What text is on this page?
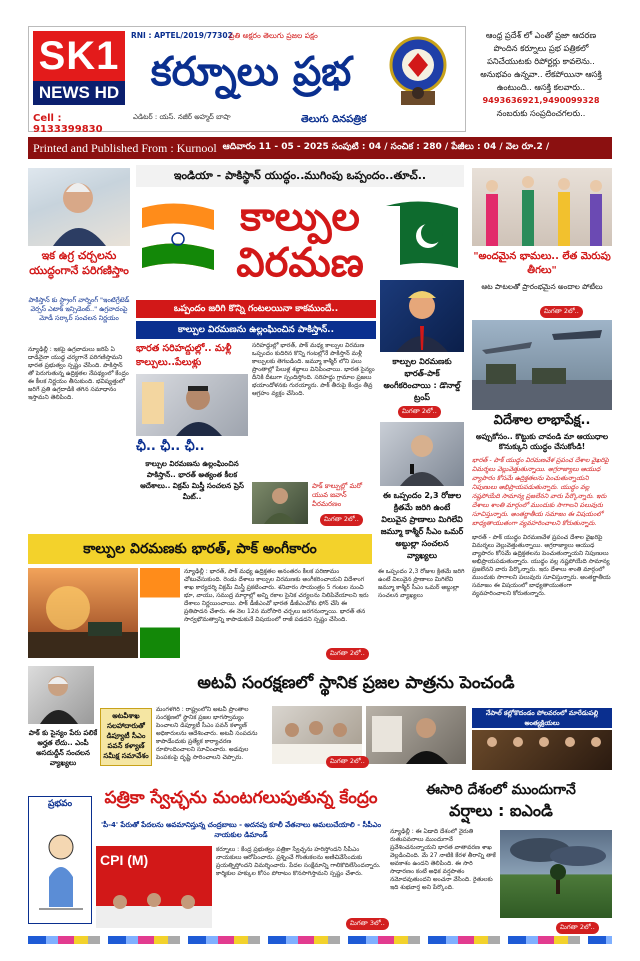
SK1
NEWS HD
Cell : 9133399830
RNI : APTEL/2019/77302
ప్రతి అక్షరం తెలుగు ప్రజల పక్షం
కర్నూలు ప్రభ
ఎడిటర్ : యస్. నజీర్ అహ్మద్ బాషా	తెలుగు దినపత్రిక
ఆంధ్ర ప్రదేశ్ లో ఎంతో ప్రజా ఆదరణ పొందిన కర్నూలు ప్రభ పత్రికలో పనిచేయుటకు రిపోర్టర్లు కావలెను.. అనుభవం ఉన్నవా.. లేకపోయినా ఆసక్తి ఉంటుంది.. ఆసక్తి కలవారు..
9493636921,9490099328
నంబరుకు సంప్రదించగలరు..
Printed and Published From : Kurnool ఆదివారం 11 - 05 - 2025 సంపుటి : 04 / సంచిక : 280 / పేజీలు : 04 / వెల రూ.2 /
ఇక ఉగ్ర చర్చలను యుద్ధంగానే పరిగణిస్తాం
పాకిస్తాన్ కు స్ట్రాంగ్ వార్నింగ్ "ఇంటిగ్రేటెడ్ వెర్సస్ ఎటాక్ ఇన్సిడెంట్.." ఉగ్రవాదంపై మోడీ సర్కార్ సంచలన నిర్ణయం
న్యూఢిల్లీ : ఇకపై ఉగ్రవాదులు జరిపే ఏ దాడినైనా యుద్ధ చర్యగానే పరిగణిస్తామని భారత ప్రభుత్వం స్పష్టం చేసింది. పాకిస్తాన్ తో పెరుగుతున్న ఉద్రిక్తతల నేపథ్యంలో కేంద్రం ఈ కీలక నిర్ణయం తీసుకుంది. భవిష్యత్తులో జరిగే ప్రతి ఉగ్రదాడికి తగిన సమాధానం ఇస్తామని తెలిపింది.
ఇండియా - పాకిస్థాన్ యుద్ధం..ముగింపు ఒప్పందం..తూచ్..
కాల్పుల
విరమణ
ఒప్పందం జరిగి కొన్ని గంటలయినా కాకముందే..
కాల్పుల విరమణను ఉల్లంఘించిన పాకిస్తాన్..
భారత సరిహద్దుల్లో.. మళ్లీ కాల్పులు..పేలుళ్లు
ఛీ.. ఛీ.. ఛీ..
కాల్పుల విరమణను ఉల్లంఘించిన పాకిస్తాన్.. భారత్ అత్యంత కీలక ఆదేశాలు.. విక్రమ్ మిస్త్రీ సంచలన ప్రెస్ మీట్..
సరిహద్దుల్లో భారత్, పాక్ మధ్య కాల్పుల విరమణ ఒప్పందం కుదిరిన కొన్ని గంటల్లోనే పాకిస్తాన్ మళ్లీ కాల్పులకు తెగబడింది. జమ్మూ కాశ్మీర్ లోని పలు ప్రాంతాల్లో పేలుళ్ల శబ్దాలు వినిపించాయి. భారత సైన్యం దీనికి దీటుగా స్పందిస్తోంది. సరిహద్దు గ్రామాల ప్రజలు భయాందోళనకు గురయ్యారు. పాక్ తీరుపై కేంద్రం తీవ్ర ఆగ్రహం వ్యక్తం చేసింది.
పాక్ కాల్పుల్లో మరో యువ జవాన్ వీరమరణం
మిగతా 2లో..
కాల్పుల విరమణకు భారత్-పాక్ అంగీకరించాయి : డొనాల్డ్ ట్రంప్
మిగతా 2లో..
ఈ ఒప్పందం 2,3 రోజుల క్రితమే జరిగి ఉంటే విలువైన ప్రాణాలు మిగిలేవి జమ్మూ కాశ్మీర్ సీఎం ఒమర్ అబ్దుల్లా సంచలన వ్యాఖ్యలు
"అందమైన భామలు.. లేత మెరుపు తీగలు"
ఆట పాటలతో ప్రారంభమైన అందాల పోటీలు
మిగతా 2లో..
విదేశాల లాభాపేక్ష..
అప్పుకోసం.. కొట్టుకు చావండి మా ఆయుధాల కొనుక్కుని యుద్ధం చేసుకోండి!
భారత్ - పాక్ యుద్ధం విరమణవేళ ప్రపంచ దేశాల వైఖరిపై విమర్శలు వెల్లువెత్తుతున్నాయి. అగ్రరాజ్యాలు ఆయుధ వ్యాపారం కోసమే ఉద్రిక్తతలను పెంచుతున్నాయని నిపుణులు అభిప్రాయపడుతున్నారు. యుద్ధం వల్ల నష్టపోయేది సామాన్య ప్రజలేనని వారు పేర్కొన్నారు. ఇరు దేశాలు శాంతి మార్గంలో ముందుకు సాగాలని పలువురు సూచిస్తున్నారు. అంతర్జాతీయ సమాజం ఈ విషయంలో బాధ్యతాయుతంగా వ్యవహరించాలని కోరుతున్నారు.
కాల్పుల విరమణకు భారత్, పాక్ అంగీకారం
న్యూఢిల్లీ : భారత్, పాక్ మధ్య ఉద్రిక్తతల అనంతరం కీలక పరిణామం చోటుచేసుకుంది. రెండు దేశాలు కాల్పుల విరమణకు అంగీకరించాయని విదేశాంగ శాఖ కార్యదర్శి విక్రమ్ మిస్త్రీ ప్రకటించారు. శనివారం సాయంత్రం 5 గంటల నుంచి భూ, వాయు, సముద్ర మార్గాల్లో అన్ని రకాల సైనిక చర్యలను నిలిపివేయాలని ఇరు దేశాలు నిర్ణయించాయి. పాక్ డీజీఎంవో భారత డీజీఎంవోకు ఫోన్ చేసి ఈ ప్రతిపాదన చేశారు. ఈ నెల 12న మరోసారి చర్చలు జరగనున్నాయి. భారత్ తన సార్వభౌమత్వాన్ని కాపాడుకునే విషయంలో రాజీ పడదని స్పష్టం చేసింది.
మిగతా 2లో..
ఈ ఒప్పందం 2,3 రోజుల క్రితమే జరిగి ఉంటే విలువైన ప్రాణాలు మిగిలేవి జమ్మూ కాశ్మీర్ సీఎం ఒమర్ అబ్దుల్లా సంచలన వ్యాఖ్యలు
భారత్ - పాక్ యుద్ధం విరమణవేళ ప్రపంచ దేశాల వైఖరిపై విమర్శలు వెల్లువెత్తుతున్నాయి. అగ్రరాజ్యాలు ఆయుధ వ్యాపారం కోసమే ఉద్రిక్తతలను పెంచుతున్నాయని నిపుణులు అభిప్రాయపడుతున్నారు. యుద్ధం వల్ల నష్టపోయేది సామాన్య ప్రజలేనని వారు పేర్కొన్నారు. ఇరు దేశాలు శాంతి మార్గంలో ముందుకు సాగాలని పలువురు సూచిస్తున్నారు. అంతర్జాతీయ సమాజం ఈ విషయంలో బాధ్యతాయుతంగా వ్యవహరించాలని కోరుతున్నారు.
పాక్ కు సైన్యం పేరు పలికే అర్హత లేదు.. ఎంపీ అసదుద్దీన్ సంచలన వ్యాఖ్యలు
అటవీ సంరక్షణలో స్థానిక ప్రజల పాత్రను పెంచండి
అటవీశాఖ సలహాదారుతో డిప్యూటీ సీఎం పవన్ కళ్యాణ్ సమీక్ష సమావేశం
మంగళగిరి : రాష్ట్రంలోని అటవీ ప్రాంతాల సంరక్షణలో స్థానిక ప్రజల భాగస్వామ్యం పెంచాలని డిప్యూటీ సీఎం పవన్ కళ్యాణ్ అధికారులను ఆదేశించారు. అటవీ సంపదను కాపాడేందుకు ప్రత్యేక కార్యాచరణ రూపొందించాలని సూచించారు. అడవుల పెంపకంపై దృష్టి సారించాలని చెప్పారు.	మిగతా 2లో..
నేపాల్ కల్లోకొదండం పోలవరంలో మారేడుపల్లి అంత్యక్రియలు
ప్రభవం	పత్రికా స్వేచ్ఛను మంటగలుపుతున్న కేంద్రం
'పీ-4' పేరుతో పేదలను అవమానిస్తున్న చంద్రబాబు - అదనపు కూలీ వేతనాలు అమలుచేయాలి - సీపీఎం నాయకుల డిమాండ్
CPI (M)
కర్నూలు : కేంద్ర ప్రభుత్వం పత్రికా స్వేచ్ఛను హరిస్తోందని సీపీఎం నాయకులు ఆరోపించారు. ప్రశ్నించే గొంతుకలను అణిచివేసేందుకు ప్రయత్నిస్తోందని విమర్శించారు. పేదల సంక్షేమాన్ని గాలికొదిలేసిందన్నారు. కార్మికుల హక్కుల కోసం పోరాటం కొనసాగిస్తామని స్పష్టం చేశారు.
మిగతా 3లో..
ఈసారి దేశంలో ముందుగానే
వర్షాలు : ఐఎండి
న్యూఢిల్లీ : ఈ ఏడాది దేశంలో నైరుతి రుతుపవనాలు ముందుగానే ప్రవేశించనున్నాయని భారత వాతావరణ శాఖ వెల్లడించింది. మే 27 నాటికి కేరళ తీరాన్ని తాకే అవకాశం ఉందని తెలిపింది. ఈ సారి సాధారణం కంటే అధిక వర్షపాతం నమోదవుతుందని అంచనా వేసింది. రైతులకు ఇది శుభవార్త అని పేర్కొంది.
మిగతా 2లో..
